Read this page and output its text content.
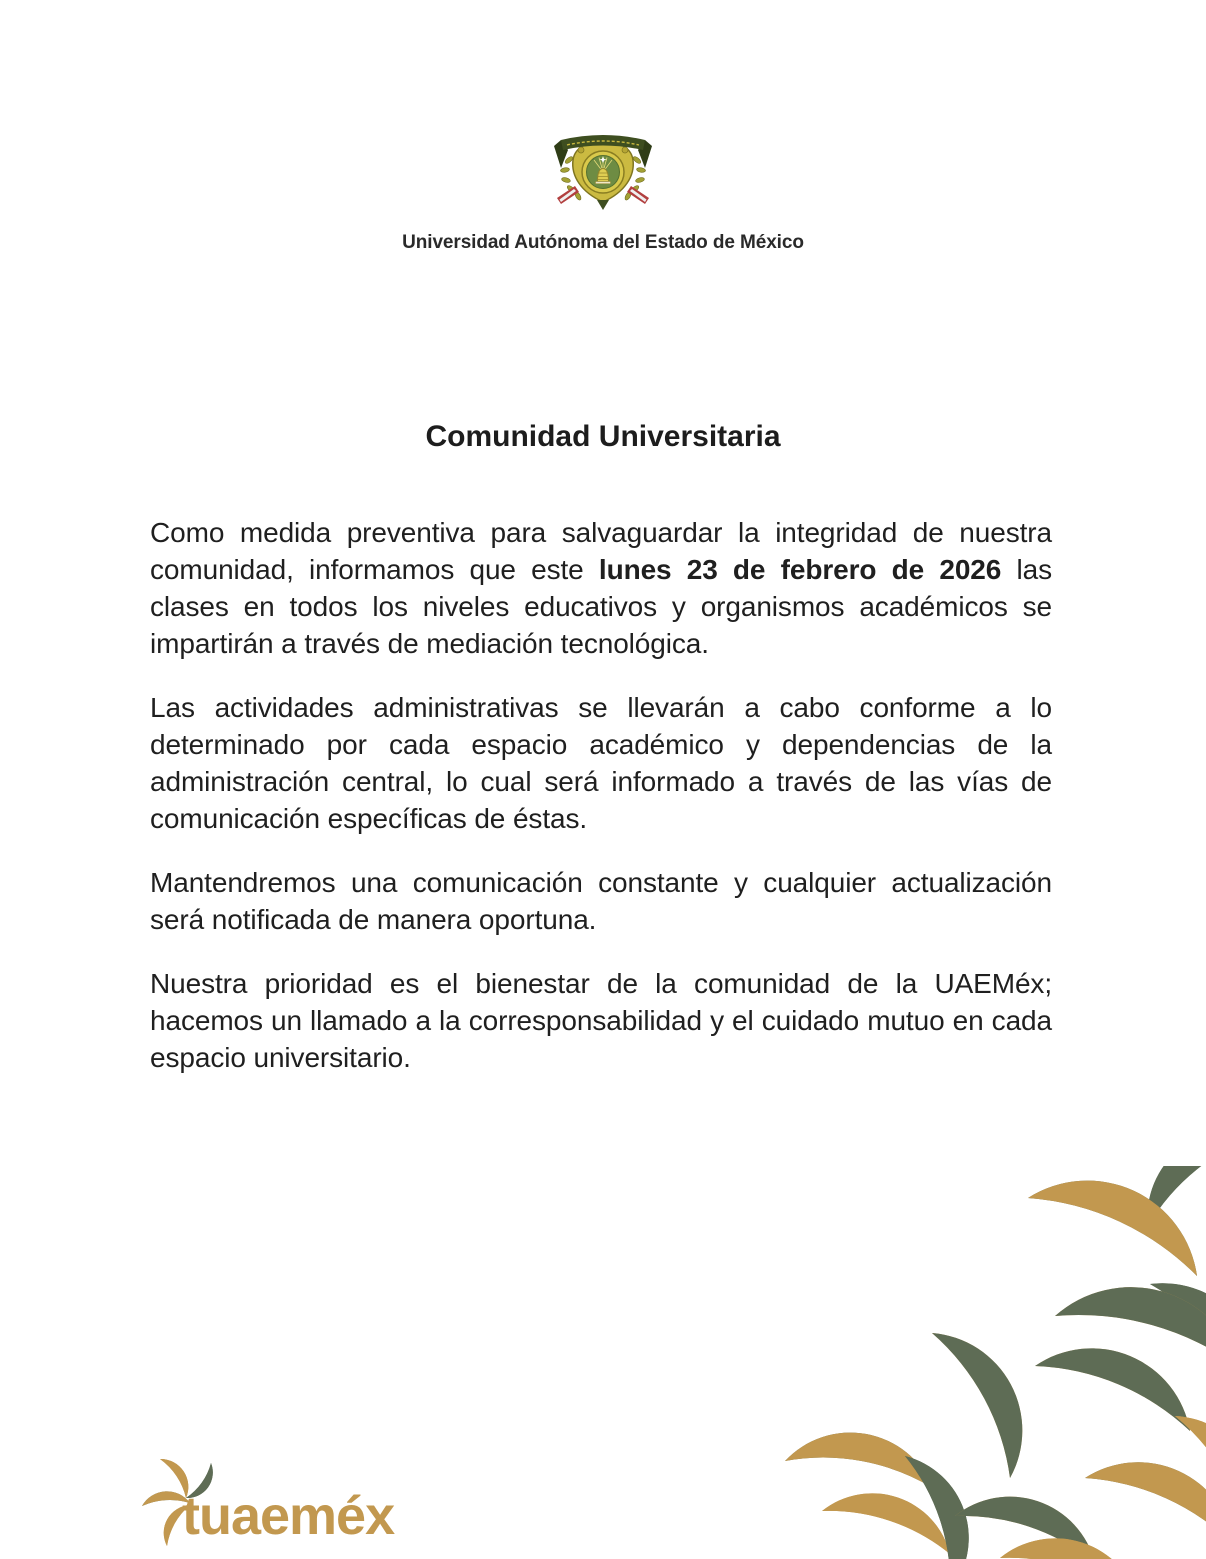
Universidad Autónoma del Estado de México
Comunidad Universitaria

Como medida preventiva para salvaguardar la integridad de nuestra comunidad, informamos que este lunes 23 de febrero de 2026 las clases en todos los niveles educativos y organismos académicos se impartirán a través de mediación tecnológica.

Las actividades administrativas se llevarán a cabo conforme a lo determinado por cada espacio académico y dependencias de la administración central, lo cual será informado a través de las vías de comunicación específicas de éstas.

Mantendremos una comunicación constante y cualquier actualización será notificada de manera oportuna.

Nuestra prioridad es el bienestar de la comunidad de la UAEMéx; hacemos un llamado a la corresponsabilidad y el cuidado mutuo en cada espacio universitario.

tuaeméx
